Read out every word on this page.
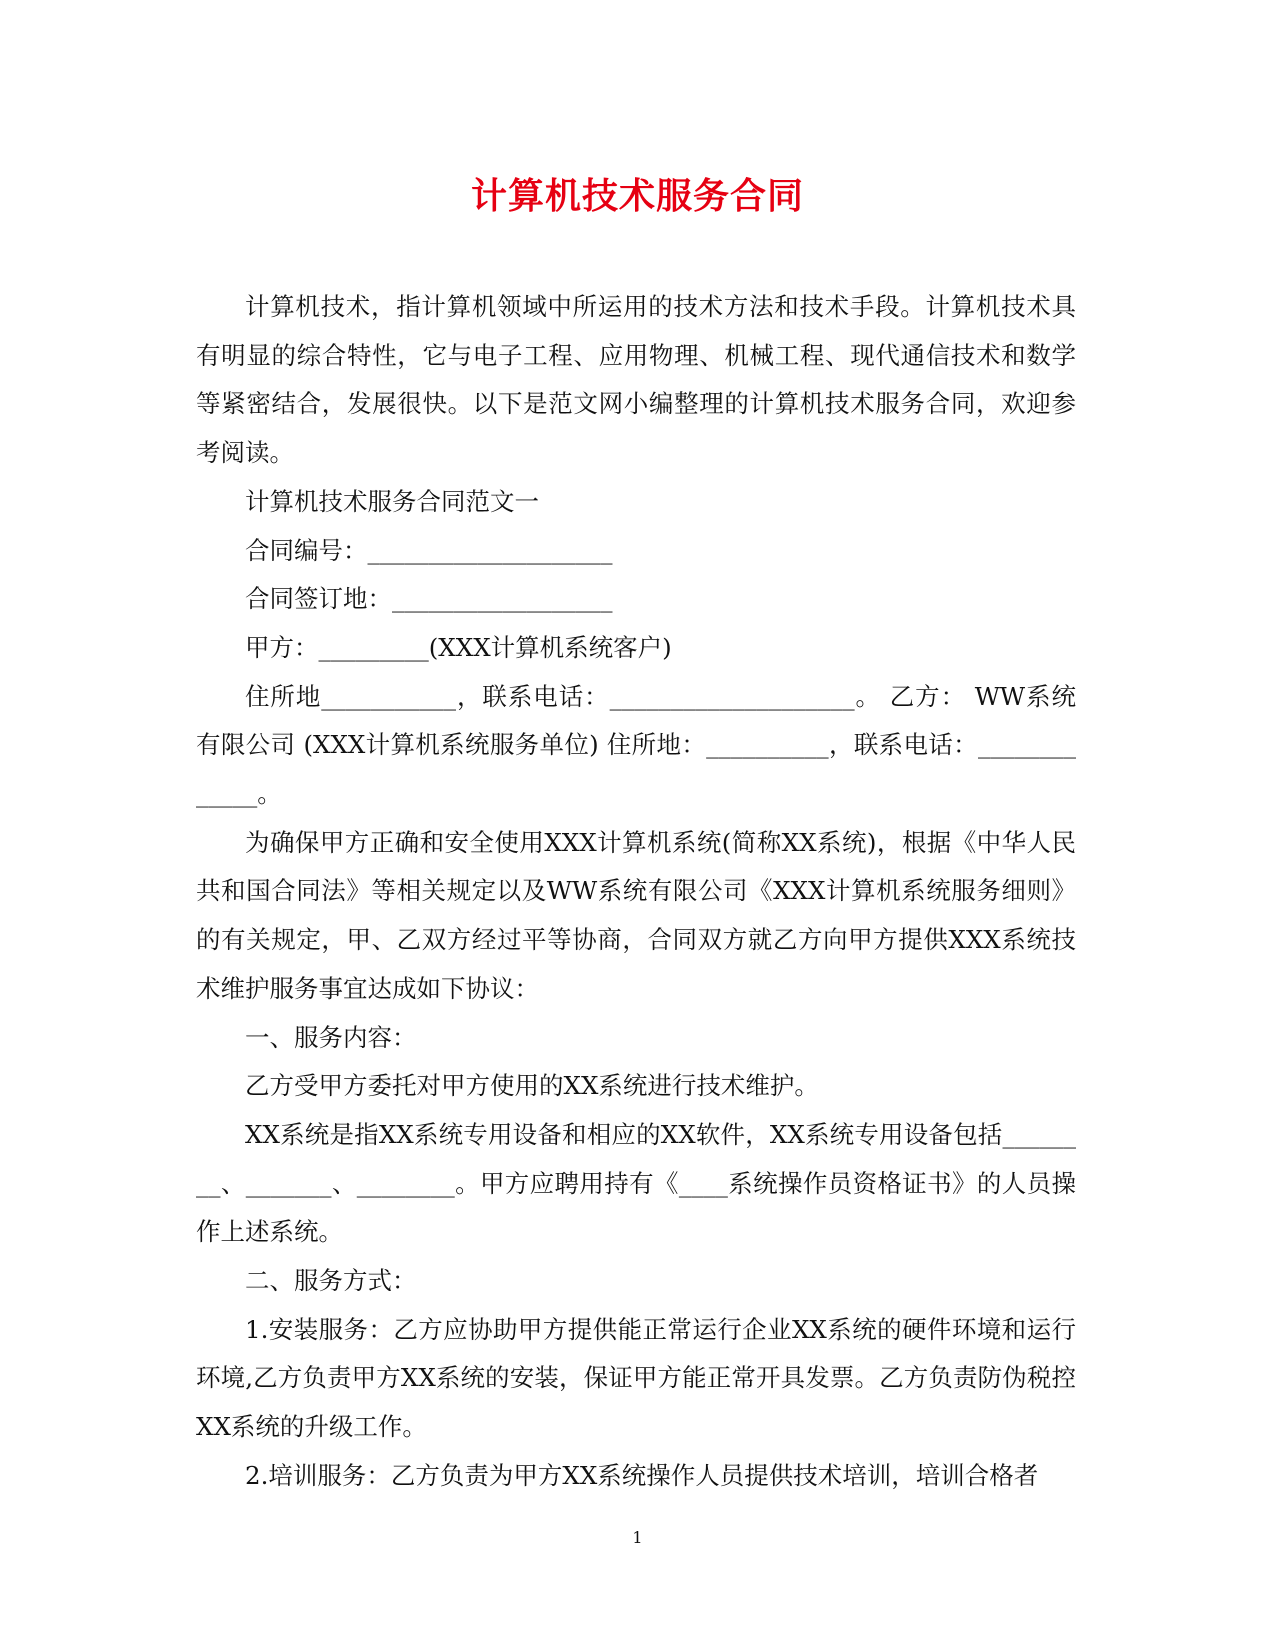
计算机技术服务合同

计算机技术，指计算机领域中所运用的技术方法和技术手段。计算机技术具有明显的综合特性，它与电子工程、应用物理、机械工程、现代通信技术和数学等紧密结合，发展很快。以下是范文网小编整理的计算机技术服务合同，欢迎参考阅读。

计算机技术服务合同范文一

合同编号：____________________

合同签订地：__________________

甲方：_________(XXX计算机系统客户)

住所地___________，联系电话：____________________。 乙方： WW系统有限公司 (XXX计算机系统服务单位) 住所地：__________，联系电话：_____________。

为确保甲方正确和安全使用XXX计算机系统(简称XX系统)，根据《中华人民共和国合同法》等相关规定以及WW系统有限公司《XXX计算机系统服务细则》的有关规定，甲、乙双方经过平等协商，合同双方就乙方向甲方提供XXX系统技术维护服务事宜达成如下协议：

一、服务内容：

乙方受甲方委托对甲方使用的XX系统进行技术维护。

XX系统是指XX系统专用设备和相应的XX软件，XX系统专用设备包括________、_______、________。甲方应聘用持有《____系统操作员资格证书》的人员操作上述系统。

二、服务方式：

1.安装服务：乙方应协助甲方提供能正常运行企业XX系统的硬件环境和运行环境,乙方负责甲方XX系统的安装，保证甲方能正常开具发票。乙方负责防伪税控XX系统的升级工作。

2.培训服务：乙方负责为甲方XX系统操作人员提供技术培训，培训合格者

1
